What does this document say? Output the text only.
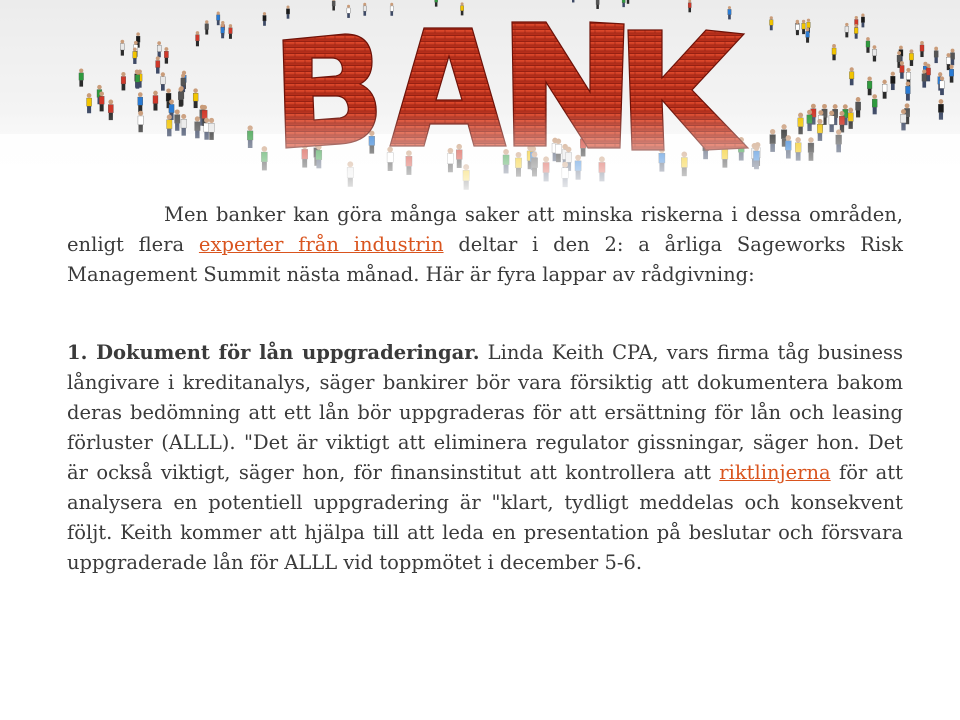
Men banker kan göra många saker att minska riskerna i dessa områden, enligt flera experter från industrin deltar i den 2: a årliga Sageworks Risk Management Summit nästa månad. Här är fyra lappar av rådgivning:

1. Dokument för lån uppgraderingar. Linda Keith CPA, vars firma tåg business långivare i kreditanalys, säger bankirer bör vara försiktig att dokumentera bakom deras bedömning att ett lån bör uppgraderas för att ersättning för lån och leasing förluster (ALLL). "Det är viktigt att eliminera regulator gissningar, säger hon. Det är också viktigt, säger hon, för finansinstitut att kontrollera att riktlinjerna för att analysera en potentiell uppgradering är "klart, tydligt meddelas och konsekvent följt. Keith kommer att hjälpa till att leda en presentation på beslutar och försvara uppgraderade lån för ALLL vid toppmötet i december 5-6.
